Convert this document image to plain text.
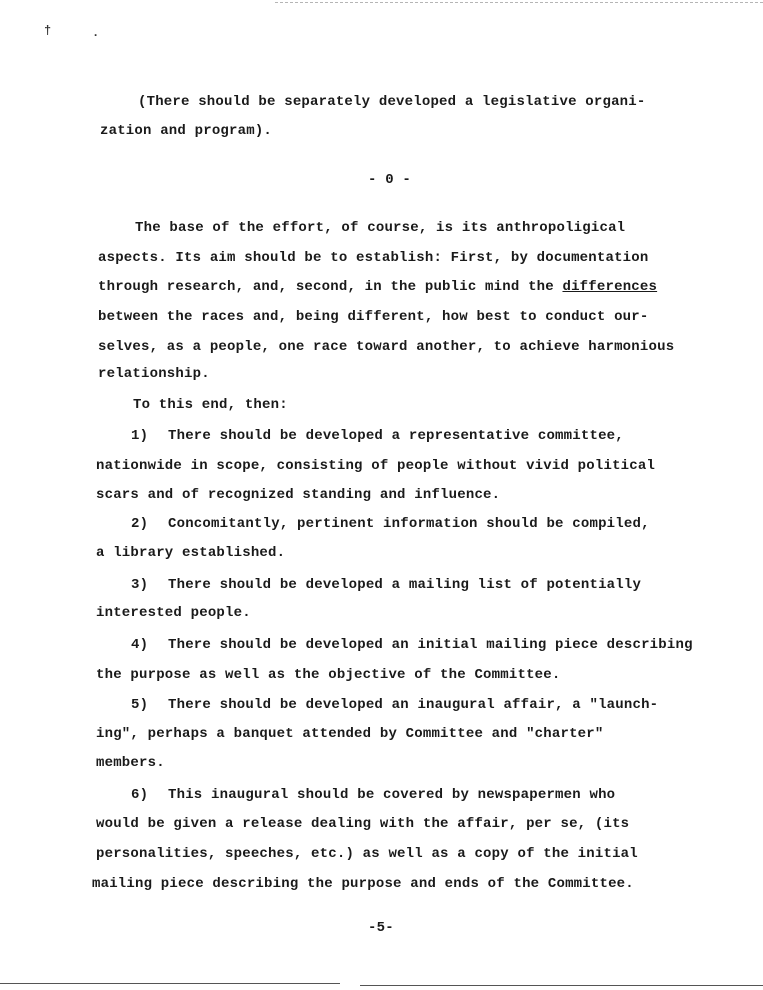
†	.

(There should be separately developed a legislative organi-

zation and program).

- 0 -

The base of the effort, of course, is its anthropoligical

aspects. Its aim should be to establish: First, by documentation

through research, and, second, in the public mind the differences

between the races and, being different, how best to conduct our-

selves, as a people, one race toward another, to achieve harmonious

relationship.

To this end, then:

1) There should be developed a representative committee,
nationwide in scope, consisting of people without vivid political
scars and of recognized standing and influence.
2) Concomitantly, pertinent information should be compiled,
a library established.
3) There should be developed a mailing list of potentially
interested people.
4) There should be developed an initial mailing piece describing
the purpose as well as the objective of the Committee.
5) There should be developed an inaugural affair, a "launch-
ing", perhaps a banquet attended by Committee and "charter"
members.
6) This inaugural should be covered by newspapermen who
would be given a release dealing with the affair, per se, (its
personalities, speeches, etc.) as well as a copy of the initial
mailing piece describing the purpose and ends of the Committee.

-5-
